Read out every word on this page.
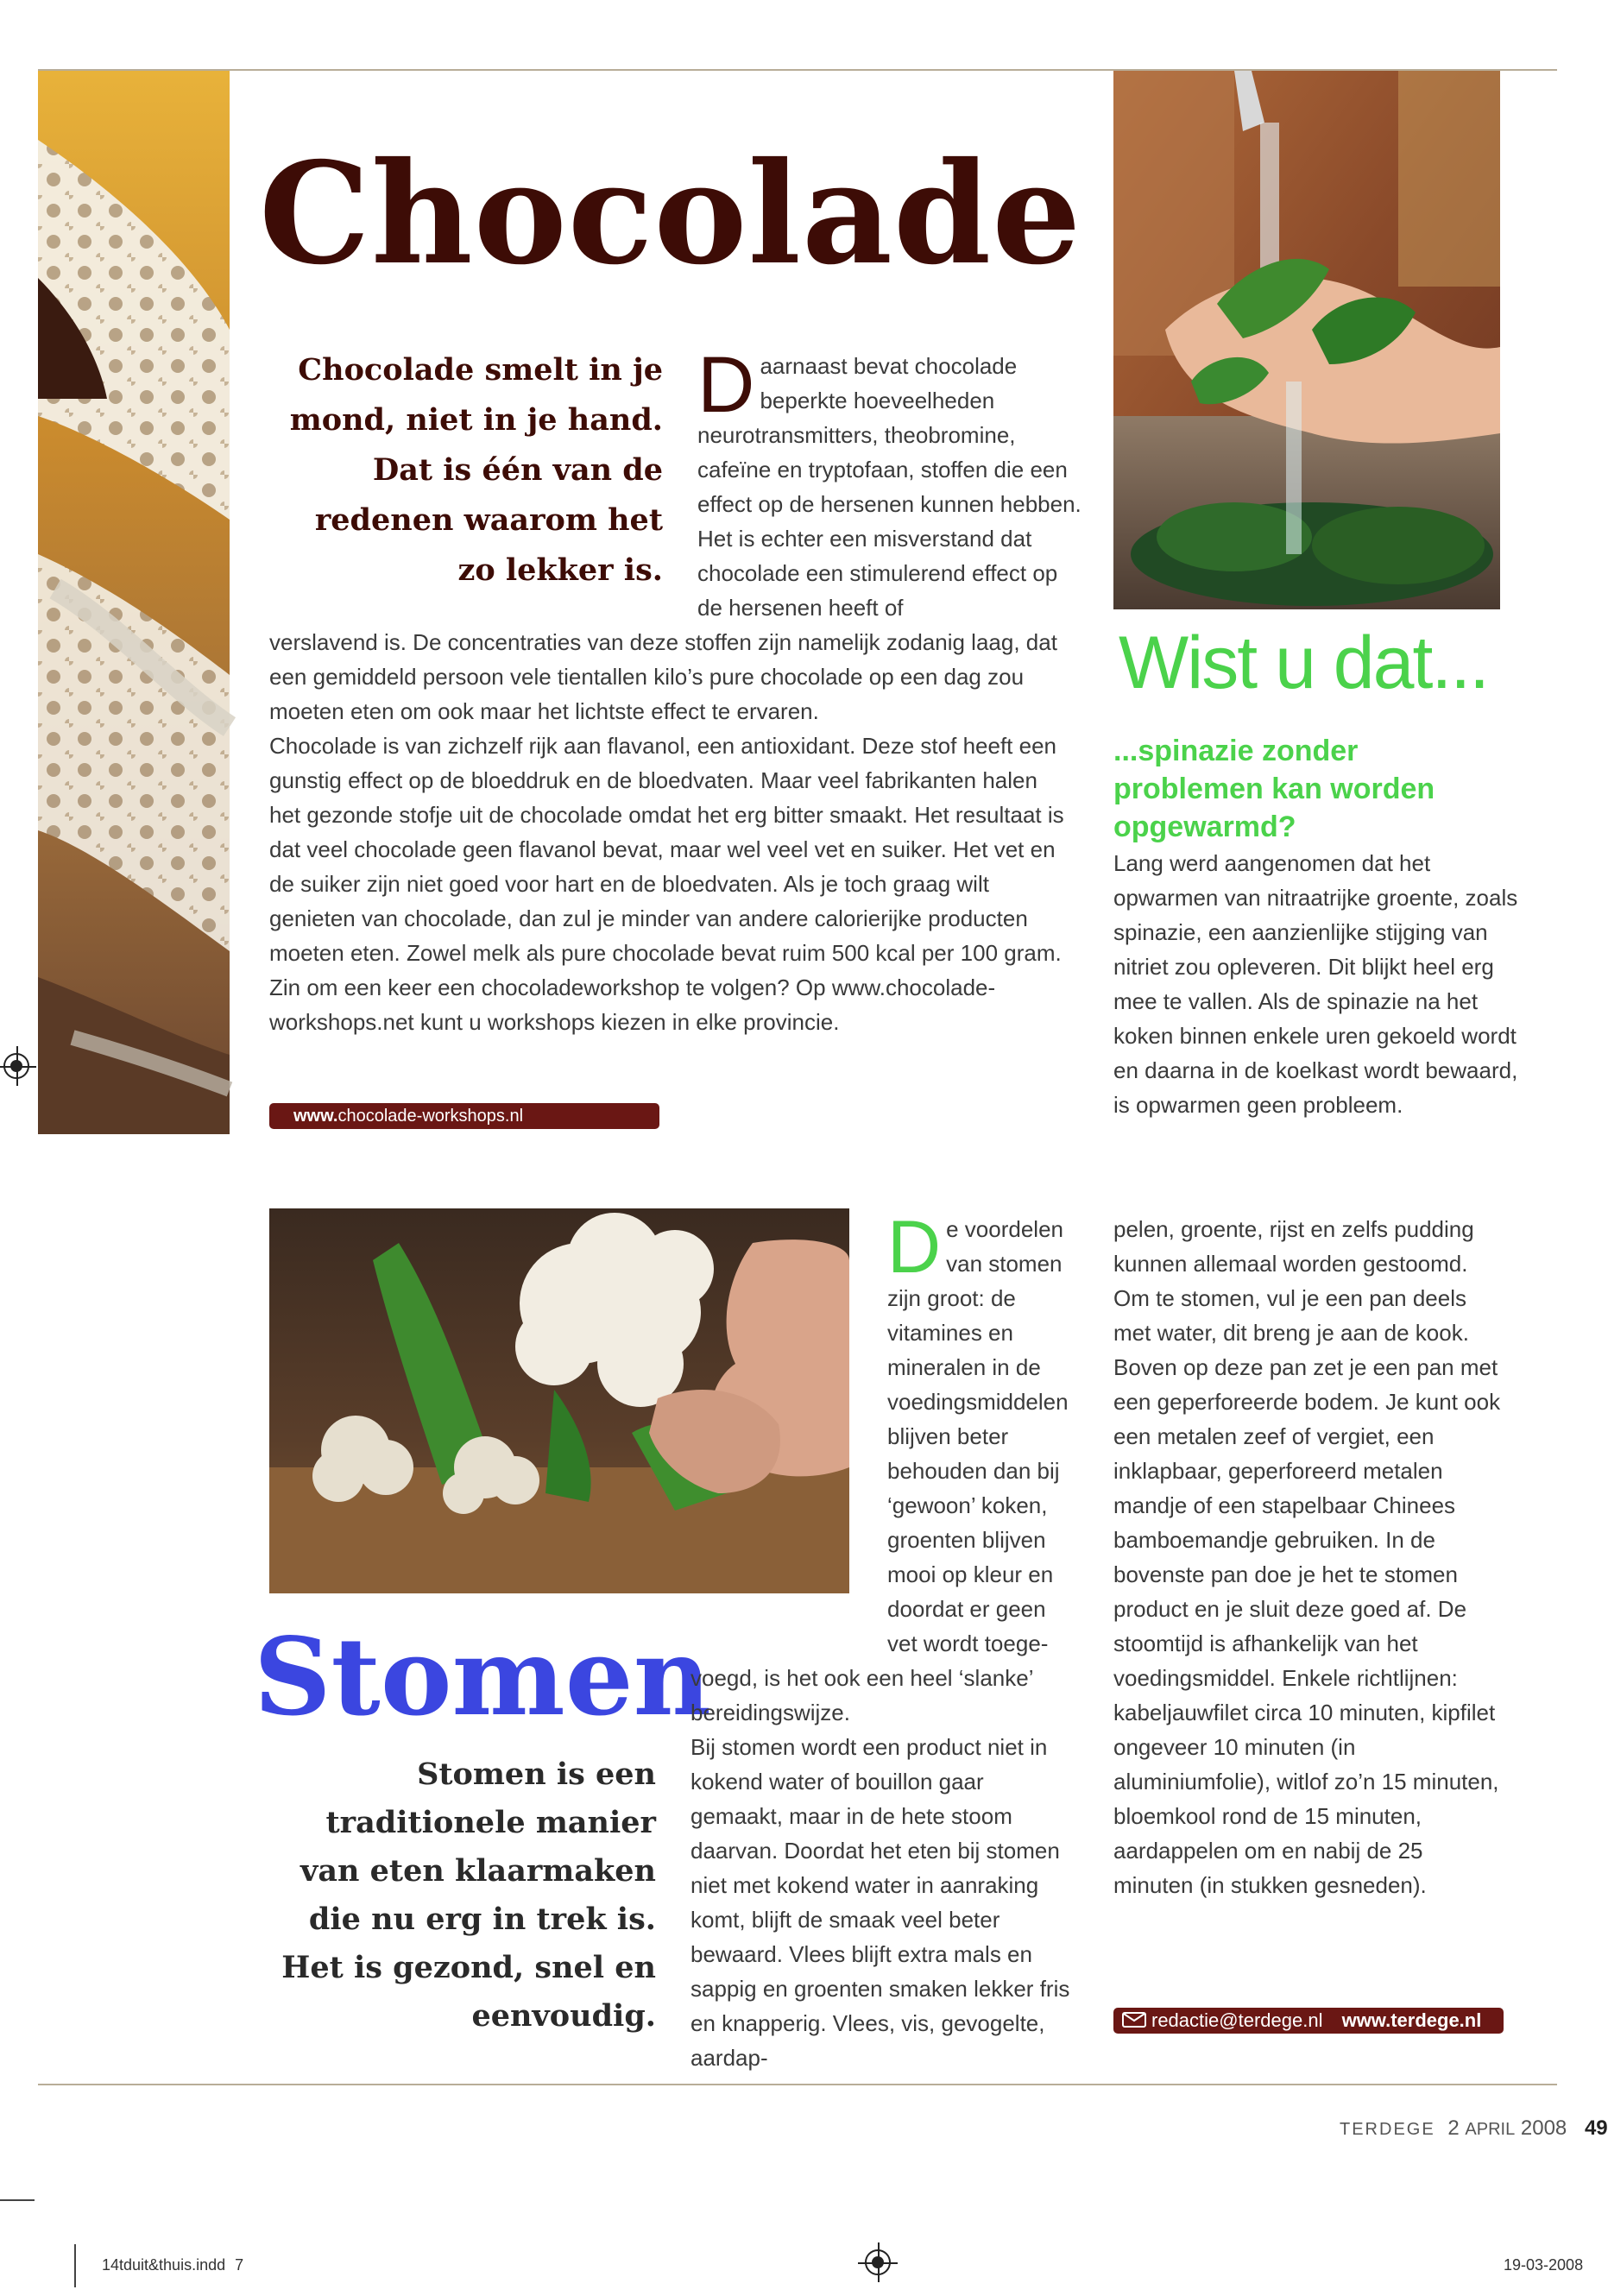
Chocolade
Chocolade smelt in je mond, niet in je hand. Dat is één van de redenen waarom het zo lekker is.
Daarnaast bevat chocolade beperkte hoeveelheden neurotransmitters, theobromine, cafeïne en tryptofaan, stoffen die een effect op de hersenen kunnen hebben. Het is echter een misverstand dat chocolade een stimulerend effect op de hersenen heeft of

verslavend is. De concentraties van deze stoffen zijn namelijk zodanig laag, dat een gemiddeld persoon vele tientallen kilo’s pure chocolade op een dag zou moeten eten om ook maar het lichtste effect te ervaren.

Chocolade is van zichzelf rijk aan flavanol, een antioxidant. Deze stof heeft een gunstig effect op de bloeddruk en de bloedvaten. Maar veel fabrikanten halen het gezonde stofje uit de chocolade omdat het erg bitter smaakt. Het resultaat is dat veel chocolade geen flavanol bevat, maar wel veel vet en suiker. Het vet en de suiker zijn niet goed voor hart en de bloedvaten. Als je toch graag wilt genieten van chocolade, dan zul je minder van andere calorierijke producten moeten eten. Zowel melk als pure chocolade bevat ruim 500 kcal per 100 gram.

Zin om een keer een chocoladeworkshop te volgen? Op www.chocolade-workshops.net kunt u workshops kiezen in elke provincie.

www.chocolade-workshops.nl
Wist u dat...
...spinazie zonder problemen kan worden opgewarmd?
Lang werd aangenomen dat het opwarmen van nitraatrijke groente, zoals spinazie, een aanzienlijke stijging van nitriet zou opleveren. Dit blijkt heel erg mee te vallen. Als de spinazie na het koken binnen enkele uren gekoeld wordt en daarna in de koelkast wordt bewaard, is opwarmen geen probleem.
Stomen
Stomen is een traditionele manier van eten klaarmaken die nu erg in trek is. Het is gezond, snel en eenvoudig.
De voordelen van stomen zijn groot: de vitamines en mineralen in de voedingsmiddelen blijven beter behouden dan bij ‘gewoon’ koken, groenten blijven mooi op kleur en doordat er geen vet wordt toege-

voegd, is het ook een heel ‘slanke’ bereidingswijze.

Bij stomen wordt een product niet in kokend water of bouillon gaar gemaakt, maar in de hete stoom daarvan. Doordat het eten bij stomen niet met kokend water in aanraking komt, blijft de smaak veel beter bewaard. Vlees blijft extra mals en sappig en groenten smaken lekker fris en knapperig. Vlees, vis, gevogelte, aardap-

pelen, groente, rijst en zelfs pudding kunnen allemaal worden gestoomd. Om te stomen, vul je een pan deels met water, dit breng je aan de kook. Boven op deze pan zet je een pan met een geperforeerde bodem. Je kunt ook een metalen zeef of vergiet, een inklapbaar, geperforeerd metalen mandje of een stapelbaar Chinees bamboemandje gebruiken. In de bovenste pan doe je het te stomen product en je sluit deze goed af. De stoomtijd is afhankelijk van het voedingsmiddel. Enkele richtlijnen: kabeljauwfilet circa 10 minuten, kipfilet ongeveer 10 minuten (in aluminiumfolie), witlof zo’n 15 minuten, bloemkool rond de 15 minuten, aardappelen om en nabij de 25 minuten (in stukken gesneden).
redactie@terdege.nl www.terdege.nl
TERDEGE 2 APRIL 2008 49
14tduit&thuis.indd 7	19-03-2008
